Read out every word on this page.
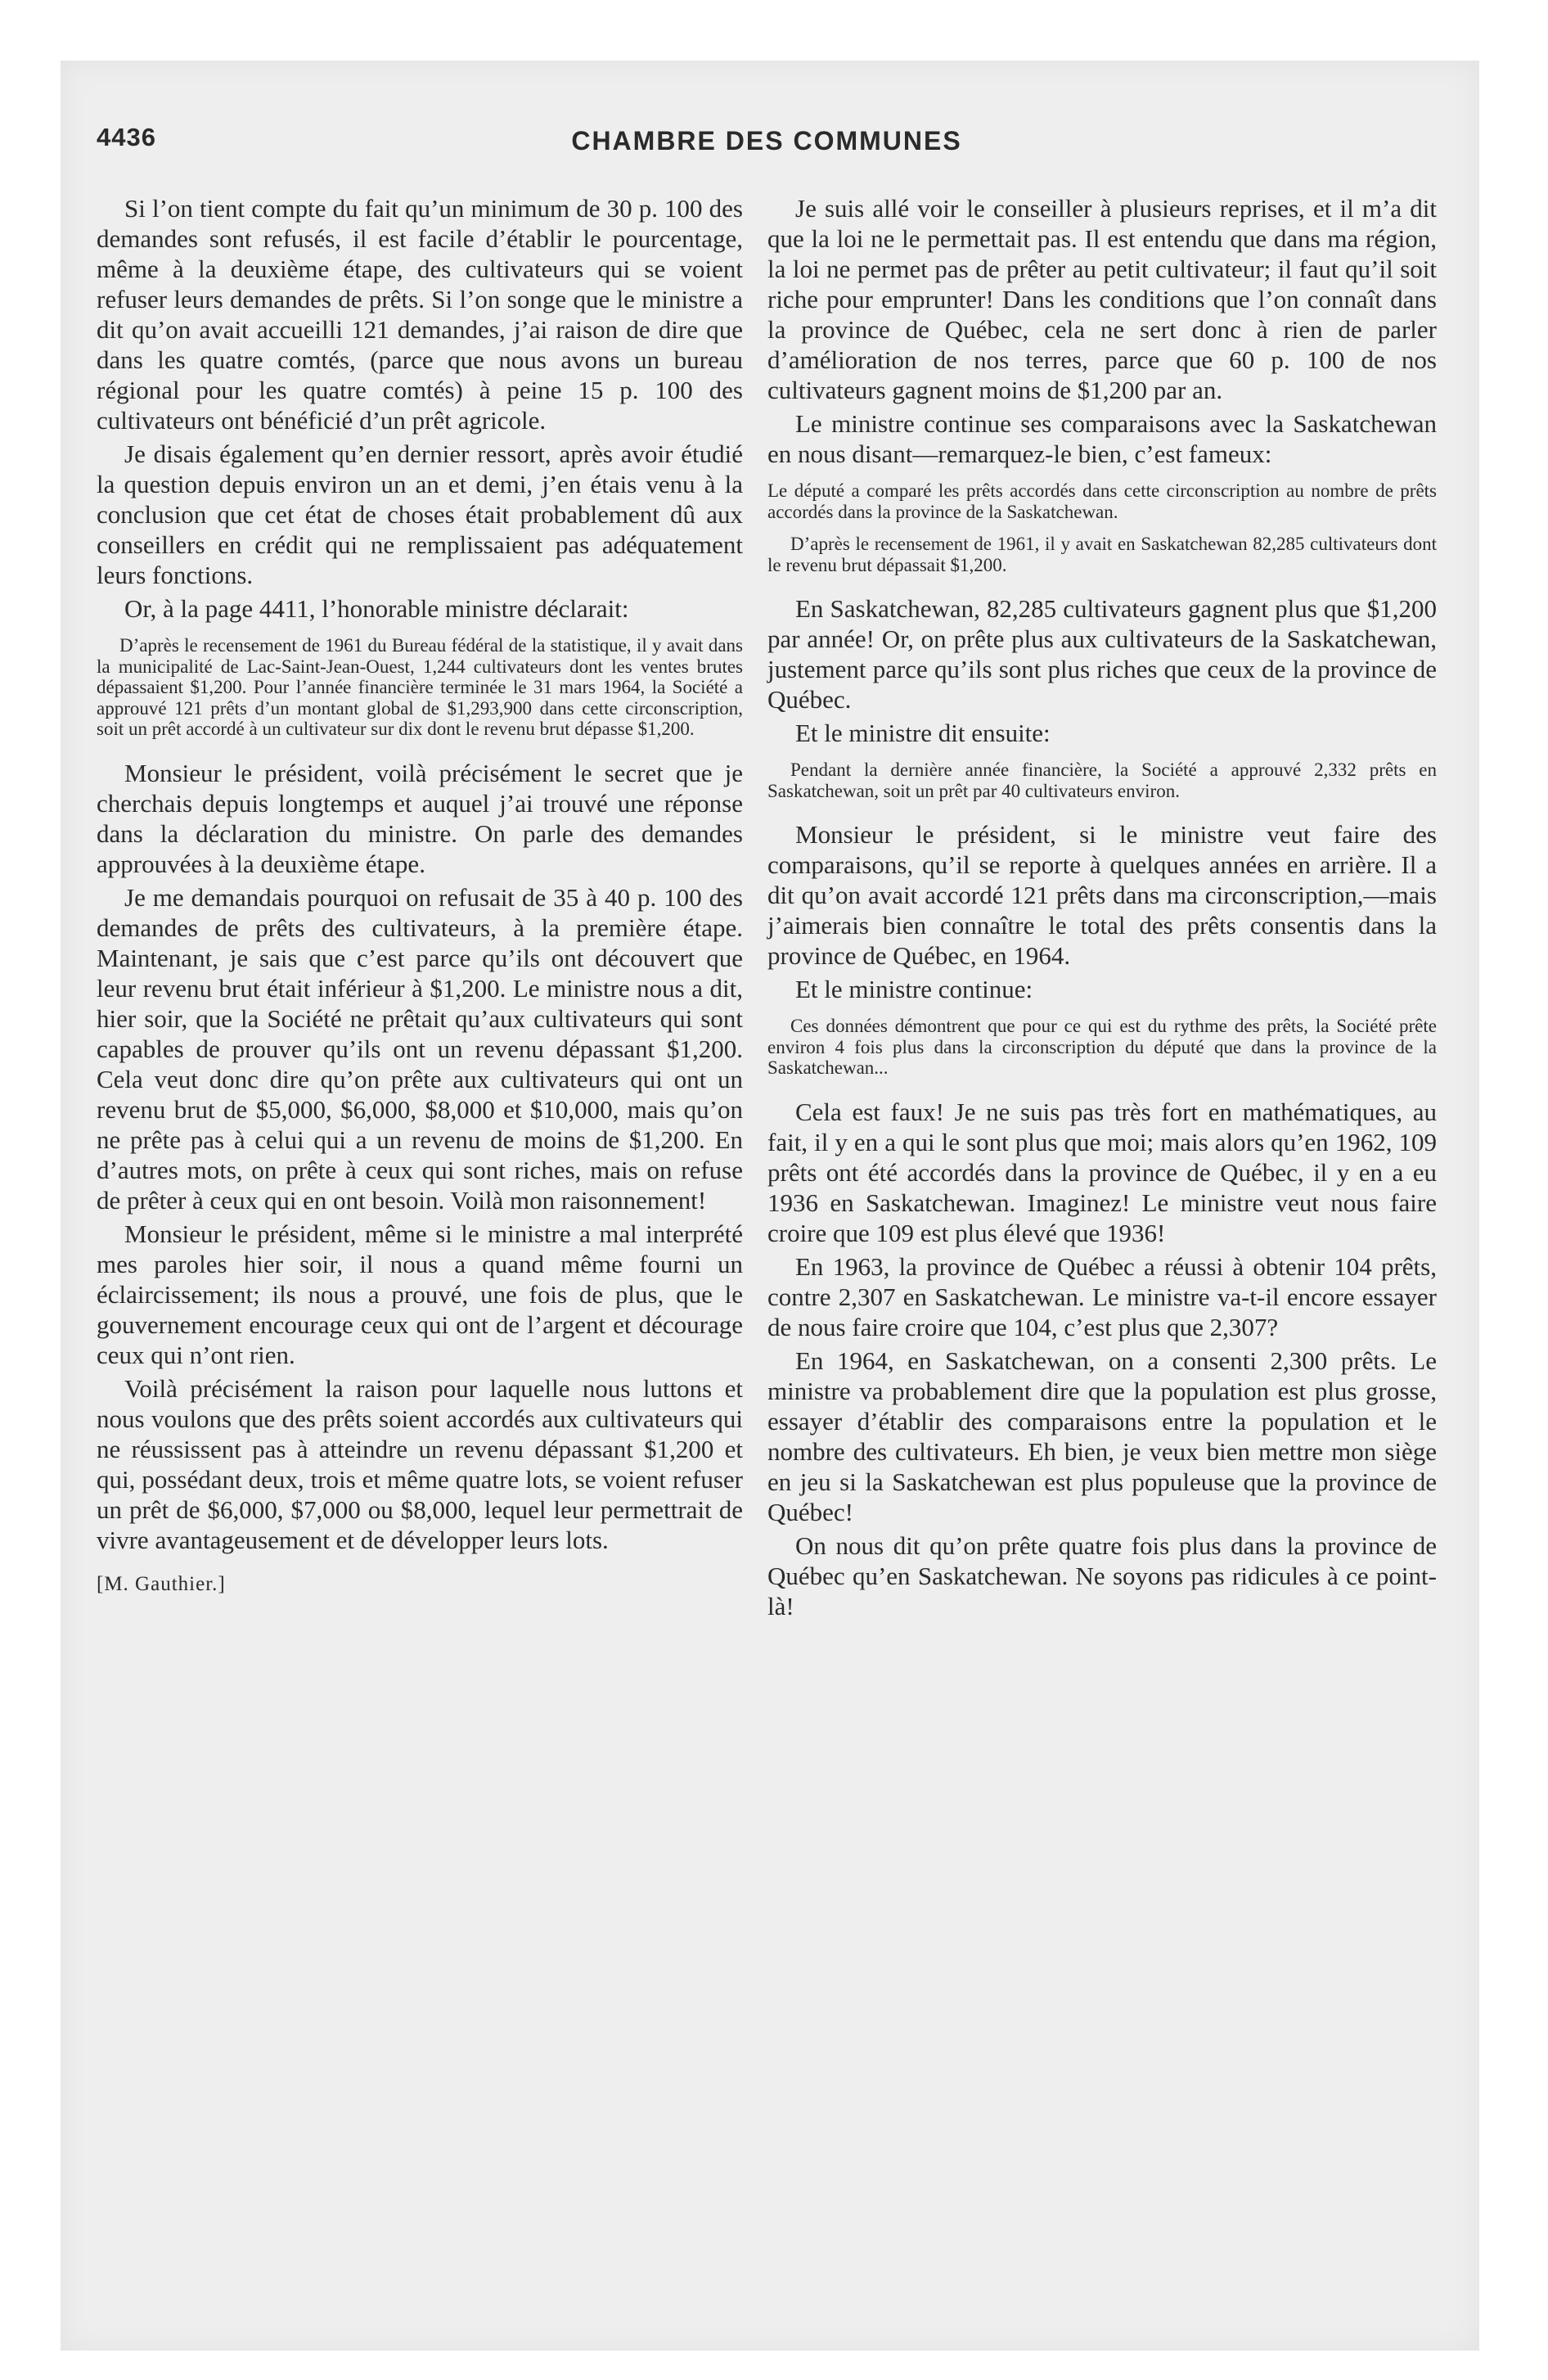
4436	CHAMBRE DES COMMUNES

Si l’on tient compte du fait qu’un minimum de 30 p. 100 des demandes sont refusés, il est facile d’établir le pourcentage, même à la deuxième étape, des cultivateurs qui se voient refuser leurs demandes de prêts. Si l’on songe que le ministre a dit qu’on avait accueilli 121 demandes, j’ai raison de dire que dans les quatre comtés, (parce que nous avons un bureau régional pour les quatre comtés) à peine 15 p. 100 des cultivateurs ont bénéficié d’un prêt agricole.

Je disais également qu’en dernier ressort, après avoir étudié la question depuis environ un an et demi, j’en étais venu à la conclusion que cet état de choses était probablement dû aux conseillers en crédit qui ne remplissaient pas adéquatement leurs fonctions.

Or, à la page 4411, l’honorable ministre déclarait:

D’après le recensement de 1961 du Bureau fédéral de la statistique, il y avait dans la municipalité de Lac-Saint-Jean-Ouest, 1,244 cultivateurs dont les ventes brutes dépassaient $1,200. Pour l’année financière terminée le 31 mars 1964, la Société a approuvé 121 prêts d’un montant global de $1,293,900 dans cette circonscription, soit un prêt accordé à un cultivateur sur dix dont le revenu brut dépasse $1,200.

Monsieur le président, voilà précisément le secret que je cherchais depuis longtemps et auquel j’ai trouvé une réponse dans la déclaration du ministre. On parle des demandes approuvées à la deuxième étape.

Je me demandais pourquoi on refusait de 35 à 40 p. 100 des demandes de prêts des cultivateurs, à la première étape. Maintenant, je sais que c’est parce qu’ils ont découvert que leur revenu brut était inférieur à $1,200. Le ministre nous a dit, hier soir, que la Société ne prêtait qu’aux cultivateurs qui sont capables de prouver qu’ils ont un revenu dépassant $1,200. Cela veut donc dire qu’on prête aux cultivateurs qui ont un revenu brut de $5,000, $6,000, $8,000 et $10,000, mais qu’on ne prête pas à celui qui a un revenu de moins de $1,200. En d’autres mots, on prête à ceux qui sont riches, mais on refuse de prêter à ceux qui en ont besoin. Voilà mon raisonnement!

Monsieur le président, même si le ministre a mal interprété mes paroles hier soir, il nous a quand même fourni un éclaircissement; ils nous a prouvé, une fois de plus, que le gouvernement encourage ceux qui ont de l’argent et décourage ceux qui n’ont rien.

Voilà précisément la raison pour laquelle nous luttons et nous voulons que des prêts soient accordés aux cultivateurs qui ne réussissent pas à atteindre un revenu dépassant $1,200 et qui, possédant deux, trois et même quatre lots, se voient refuser un prêt de $6,000, $7,000 ou $8,000, lequel leur permettrait de vivre avantageusement et de développer leurs lots.

[M. Gauthier.]

Je suis allé voir le conseiller à plusieurs reprises, et il m’a dit que la loi ne le permettait pas. Il est entendu que dans ma région, la loi ne permet pas de prêter au petit cultivateur; il faut qu’il soit riche pour emprunter! Dans les conditions que l’on connaît dans la province de Québec, cela ne sert donc à rien de parler d’amélioration de nos terres, parce que 60 p. 100 de nos cultivateurs gagnent moins de $1,200 par an.

Le ministre continue ses comparaisons avec la Saskatchewan en nous disant—remarquez-le bien, c’est fameux:

Le député a comparé les prêts accordés dans cette circonscription au nombre de prêts accordés dans la province de la Saskatchewan.

D’après le recensement de 1961, il y avait en Saskatchewan 82,285 cultivateurs dont le revenu brut dépassait $1,200.

En Saskatchewan, 82,285 cultivateurs gagnent plus que $1,200 par année! Or, on prête plus aux cultivateurs de la Saskatchewan, justement parce qu’ils sont plus riches que ceux de la province de Québec.

Et le ministre dit ensuite:

Pendant la dernière année financière, la Société a approuvé 2,332 prêts en Saskatchewan, soit un prêt par 40 cultivateurs environ.

Monsieur le président, si le ministre veut faire des comparaisons, qu’il se reporte à quelques années en arrière. Il a dit qu’on avait accordé 121 prêts dans ma circonscription,—mais j’aimerais bien connaître le total des prêts consentis dans la province de Québec, en 1964.

Et le ministre continue:

Ces données démontrent que pour ce qui est du rythme des prêts, la Société prête environ 4 fois plus dans la circonscription du député que dans la province de la Saskatchewan...

Cela est faux! Je ne suis pas très fort en mathématiques, au fait, il y en a qui le sont plus que moi; mais alors qu’en 1962, 109 prêts ont été accordés dans la province de Québec, il y en a eu 1936 en Saskatchewan. Imaginez! Le ministre veut nous faire croire que 109 est plus élevé que 1936!

En 1963, la province de Québec a réussi à obtenir 104 prêts, contre 2,307 en Saskatchewan. Le ministre va-t-il encore essayer de nous faire croire que 104, c’est plus que 2,307?

En 1964, en Saskatchewan, on a consenti 2,300 prêts. Le ministre va probablement dire que la population est plus grosse, essayer d’établir des comparaisons entre la population et le nombre des cultivateurs. Eh bien, je veux bien mettre mon siège en jeu si la Saskatchewan est plus populeuse que la province de Québec!

On nous dit qu’on prête quatre fois plus dans la province de Québec qu’en Saskatchewan. Ne soyons pas ridicules à ce point-là!
